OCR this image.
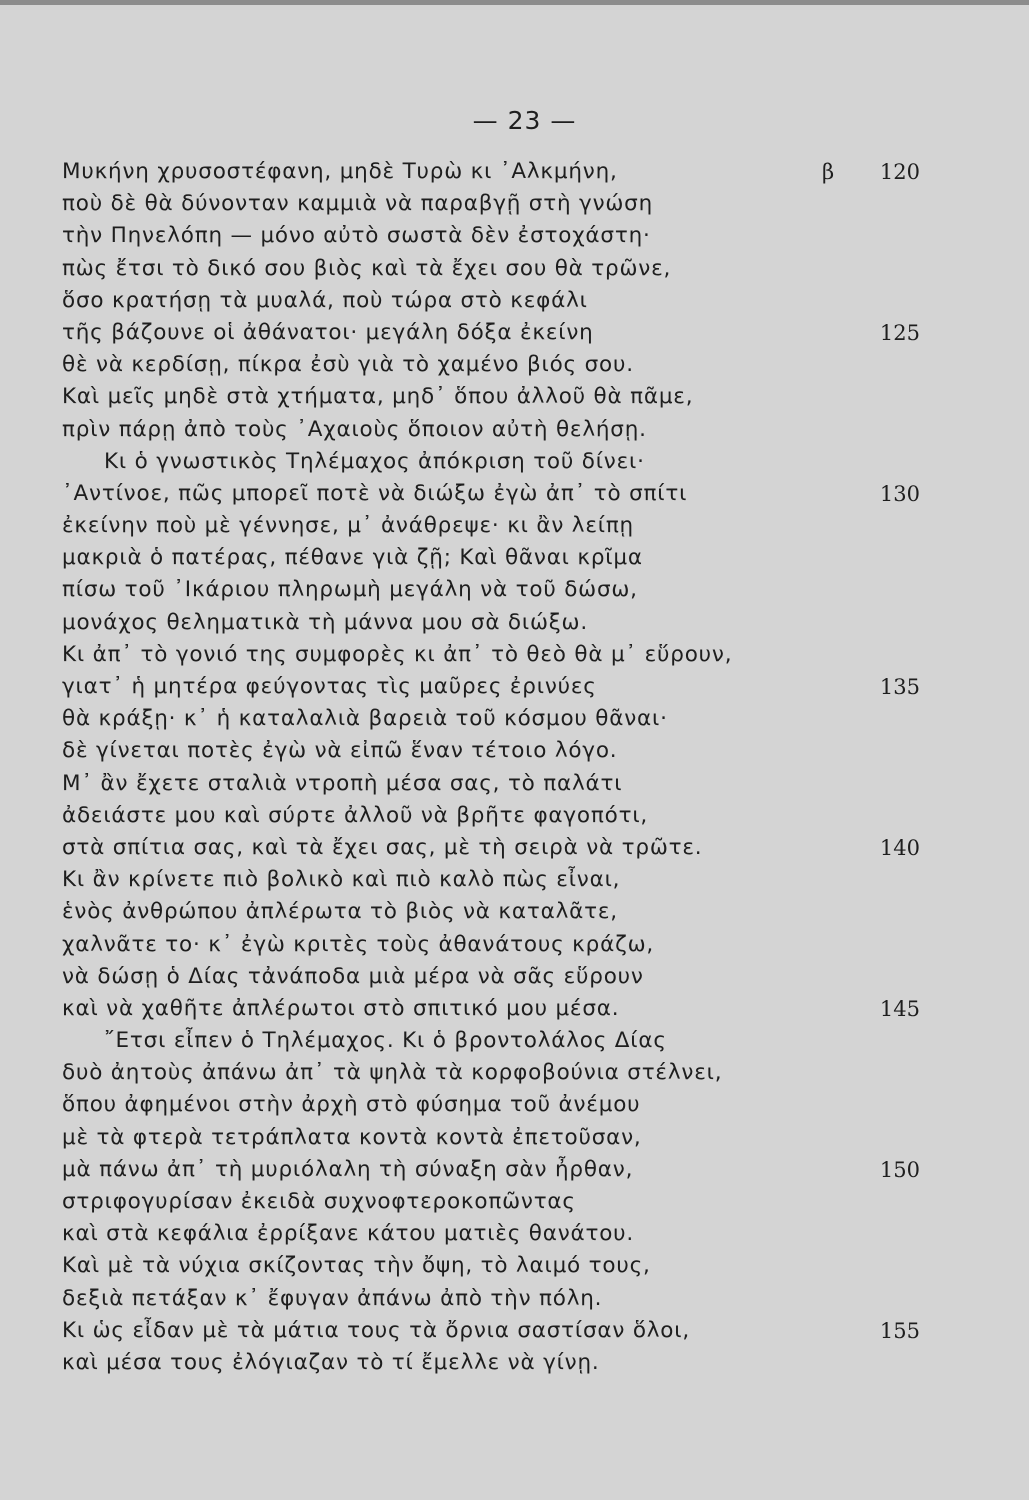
— 23 —
Μυκήνη χρυσοστέφανη, μηδὲ Τυρὼ κι ᾿Αλκμήνη,	β 120
ποὺ δὲ θὰ δύνονταν καμμιὰ νὰ παραβγῇ στὴ γνώση
τὴν Πηνελόπη — μόνο αὐτὸ σωστὰ δὲν ἐστοχάστη·
πὼς ἔτσι τὸ δικό σου βιὸς καὶ τὰ ἔχει σου θὰ τρῶνε,
ὅσο κρατήσῃ τὰ μυαλά, ποὺ τώρα στὸ κεφάλι
τῆς βάζουνε οἱ ἀθάνατοι· μεγάλη δόξα ἐκείνη	125
θὲ νὰ κερδίσῃ, πίκρα ἐσὺ γιὰ τὸ χαμένο βιός σου.
Καὶ μεῖς μηδὲ στὰ χτήματα, μηδ᾿ ὅπου ἀλλοῦ θὰ πᾶμε,
πρὶν πάρῃ ἀπὸ τοὺς ᾿Αχαιοὺς ὅποιον αὐτὴ θελήσῃ.
Κι ὁ γνωστικὸς Τηλέμαχος ἀπόκριση τοῦ δίνει·
᾿Αντίνοε, πῶς μπορεῖ ποτὲ νὰ διώξω ἐγὼ ἀπ᾿ τὸ σπίτι	130
ἐκείνην ποὺ μὲ γέννησε, μ᾿ ἀνάθρεψε· κι ἂν λείπῃ
μακριὰ ὁ πατέρας, πέθανε γιὰ ζῇ; Καὶ θᾶναι κρῖμα
πίσω τοῦ ᾿Ικάριου πληρωμὴ μεγάλη νὰ τοῦ δώσω,
μονάχος θεληματικὰ τὴ μάννα μου σὰ διώξω.
Κι ἀπ᾿ τὸ γονιό της συμφορὲς κι ἀπ᾿ τὸ θεὸ θὰ μ᾿ εὕρουν,
γιατ᾿ ἡ μητέρα φεύγοντας τὶς μαῦρες ἐρινύες	135
θὰ κράξῃ· κ᾿ ἡ καταλαλιὰ βαρειὰ τοῦ κόσμου θᾶναι·
δὲ γίνεται ποτὲς ἐγὼ νὰ εἰπῶ ἕναν τέτοιο λόγο.
Μ᾿ ἂν ἔχετε σταλιὰ ντροπὴ μέσα σας, τὸ παλάτι
ἀδειάστε μου καὶ σύρτε ἀλλοῦ νὰ βρῆτε φαγοπότι,
στὰ σπίτια σας, καὶ τὰ ἔχει σας, μὲ τὴ σειρὰ νὰ τρῶτε.	140
Κι ἂν κρίνετε πιὸ βολικὸ καὶ πιὸ καλὸ πὼς εἶναι,
ἑνὸς ἀνθρώπου ἀπλέρωτα τὸ βιὸς νὰ καταλᾶτε,
χαλνᾶτε το· κ᾿ ἐγὼ κριτὲς τοὺς ἀθανάτους κράζω,
νὰ δώσῃ ὁ Δίας τἀνάποδα μιὰ μέρα νὰ σᾶς εὕρουν
καὶ νὰ χαθῆτε ἀπλέρωτοι στὸ σπιτικό μου μέσα.	145
῎Ετσι εἶπεν ὁ Τηλέμαχος. Κι ὁ βροντολάλος Δίας
δυὸ ἀητοὺς ἀπάνω ἀπ᾿ τὰ ψηλὰ τὰ κορφοβούνια στέλνει,
ὅπου ἀφημένοι στὴν ἀρχὴ στὸ φύσημα τοῦ ἀνέμου
μὲ τὰ φτερὰ τετράπλατα κοντὰ κοντὰ ἐπετοῦσαν,
μὰ πάνω ἀπ᾿ τὴ μυριόλαλη τὴ σύναξη σὰν ἦρθαν,	150
στριφογυρίσαν ἐκειδὰ συχνοφτεροκοπῶντας
καὶ στὰ κεφάλια ἐρρίξανε κάτου ματιὲς θανάτου.
Καὶ μὲ τὰ νύχια σκίζοντας τὴν ὄψη, τὸ λαιμό τους,
δεξιὰ πετάξαν κ᾿ ἔφυγαν ἀπάνω ἀπὸ τὴν πόλη.
Κι ὡς εἶδαν μὲ τὰ μάτια τους τὰ ὄρνια σαστίσαν ὅλοι,	155
καὶ μέσα τους ἐλόγιαζαν τὸ τί ἔμελλε νὰ γίνῃ.
